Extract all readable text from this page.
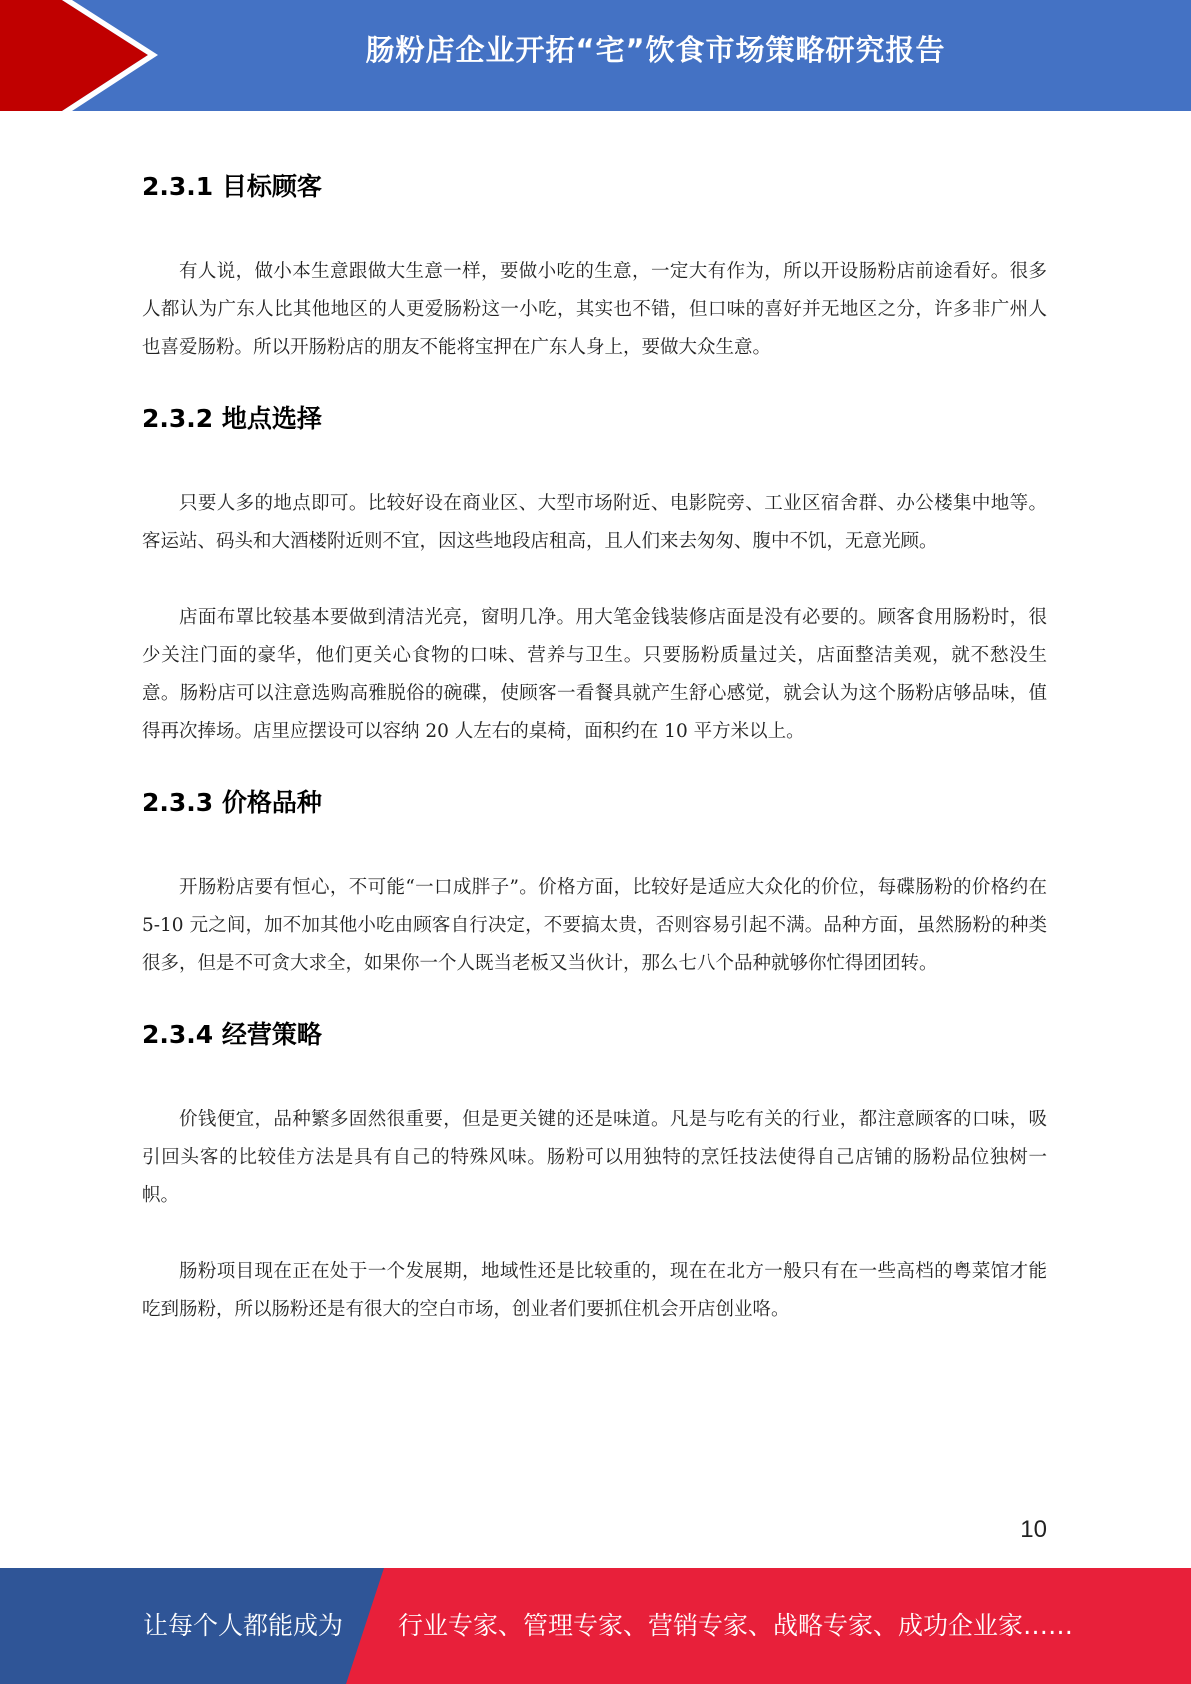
肠粉店企业开拓“宅”饮食市场策略研究报告
2.3.1 目标顾客

有人说，做小本生意跟做大生意一样，要做小吃的生意，一定大有作为，所以开设肠粉店前途看好。很多人都认为广东人比其他地区的人更爱肠粉这一小吃，其实也不错，但口味的喜好并无地区之分，许多非广州人也喜爱肠粉。所以开肠粉店的朋友不能将宝押在广东人身上，要做大众生意。

2.3.2 地点选择

只要人多的地点即可。比较好设在商业区、大型市场附近、电影院旁、工业区宿舍群、办公楼集中地等。客运站、码头和大酒楼附近则不宜，因这些地段店租高，且人们来去匆匆、腹中不饥，无意光顾。

店面布罩比较基本要做到清洁光亮，窗明几净。用大笔金钱装修店面是没有必要的。顾客食用肠粉时，很少关注门面的豪华，他们更关心食物的口味、营养与卫生。只要肠粉质量过关，店面整洁美观，就不愁没生意。肠粉店可以注意选购高雅脱俗的碗碟，使顾客一看餐具就产生舒心感觉，就会认为这个肠粉店够品味，值得再次捧场。店里应摆设可以容纳 20 人左右的桌椅，面积约在 10 平方米以上。

2.3.3 价格品种

开肠粉店要有恒心，不可能“一口成胖子”。价格方面，比较好是适应大众化的价位，每碟肠粉的价格约在 5-10 元之间，加不加其他小吃由顾客自行决定，不要搞太贵，否则容易引起不满。品种方面，虽然肠粉的种类很多，但是不可贪大求全，如果你一个人既当老板又当伙计，那么七八个品种就够你忙得团团转。

2.3.4 经营策略

价钱便宜，品种繁多固然很重要，但是更关键的还是味道。凡是与吃有关的行业，都注意顾客的口味，吸引回头客的比较佳方法是具有自己的特殊风味。肠粉可以用独特的烹饪技法使得自己店铺的肠粉品位独树一帜。

肠粉项目现在正在处于一个发展期，地域性还是比较重的，现在在北方一般只有在一些高档的粤菜馆才能吃到肠粉，所以肠粉还是有很大的空白市场，创业者们要抓住机会开店创业咯。

10
让每个人都能成为 行业专家、管理专家、营销专家、战略专家、成功企业家……
